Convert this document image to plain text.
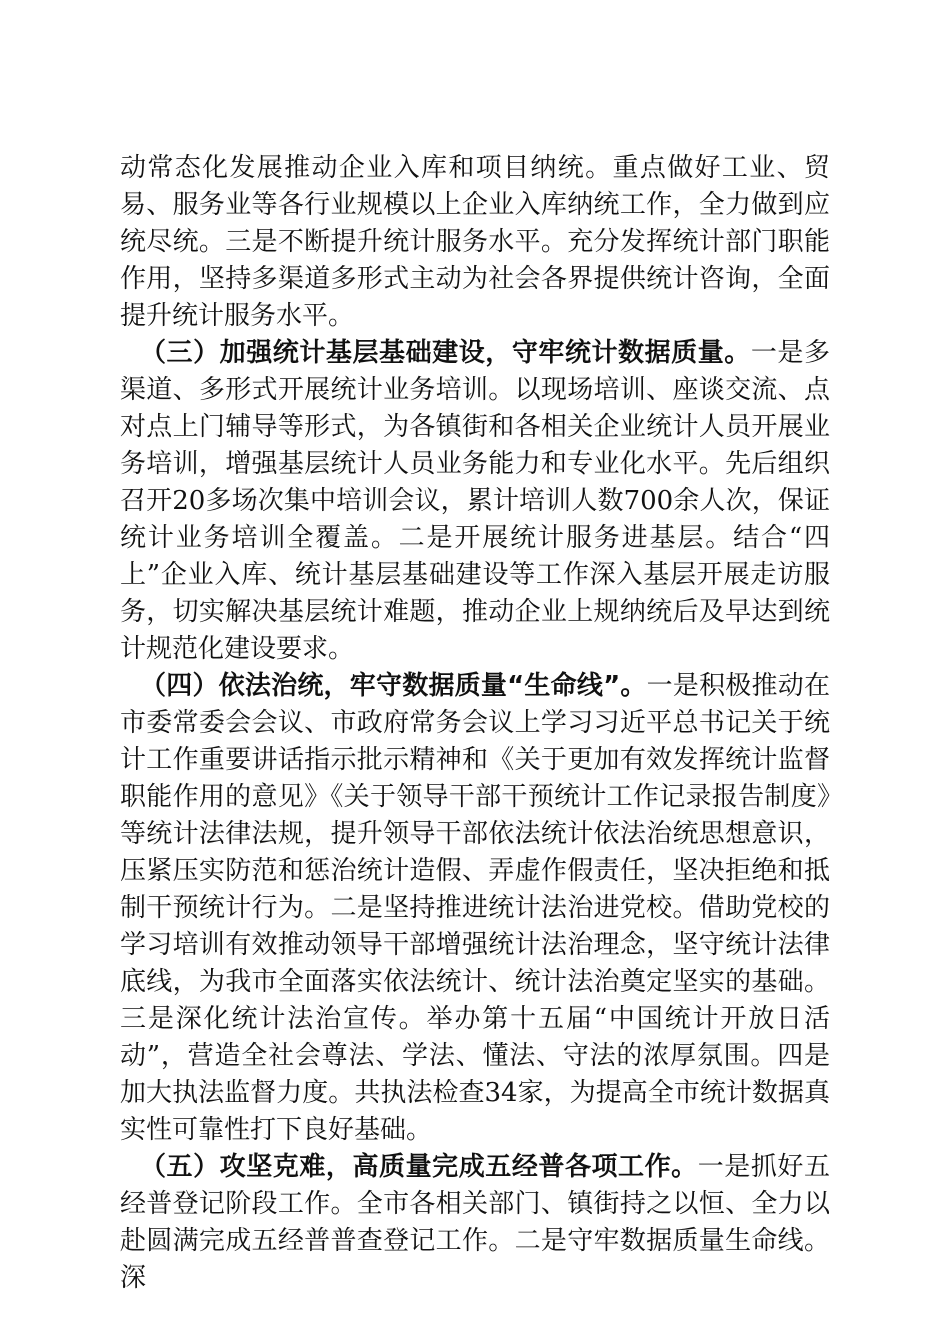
动常态化发展推动企业入库和项目纳统。重点做好工业、贸易、服务业等各行业规模以上企业入库纳统工作，全力做到应统尽统。三是不断提升统计服务水平。充分发挥统计部门职能作用，坚持多渠道多形式主动为社会各界提供统计咨询，全面提升统计服务水平。

（三）加强统计基层基础建设，守牢统计数据质量。一是多渠道、多形式开展统计业务培训。以现场培训、座谈交流、点对点上门辅导等形式，为各镇街和各相关企业统计人员开展业务培训，增强基层统计人员业务能力和专业化水平。先后组织召开20多场次集中培训会议，累计培训人数700余人次，保证统计业务培训全覆盖。二是开展统计服务进基层。结合“四上”企业入库、统计基层基础建设等工作深入基层开展走访服务，切实解决基层统计难题，推动企业上规纳统后及早达到统计规范化建设要求。

（四）依法治统，牢守数据质量“生命线”。一是积极推动在市委常委会会议、市政府常务会议上学习习近平总书记关于统计工作重要讲话指示批示精神和《关于更加有效发挥统计监督职能作用的意见》《关于领导干部干预统计工作记录报告制度》等统计法律法规，提升领导干部依法统计依法治统思想意识，压紧压实防范和惩治统计造假、弄虚作假责任，坚决拒绝和抵制干预统计行为。二是坚持推进统计法治进党校。借助党校的学习培训有效推动领导干部增强统计法治理念，坚守统计法律底线，为我市全面落实依法统计、统计法治奠定坚实的基础。三是深化统计法治宣传。举办第十五届“中国统计开放日活动”，营造全社会尊法、学法、懂法、守法的浓厚氛围。四是加大执法监督力度。共执法检查34家，为提高全市统计数据真实性可靠性打下良好基础。

（五）攻坚克难，高质量完成五经普各项工作。一是抓好五经普登记阶段工作。全市各相关部门、镇街持之以恒、全力以赴圆满完成五经普普查登记工作。二是守牢数据质量生命线。深
